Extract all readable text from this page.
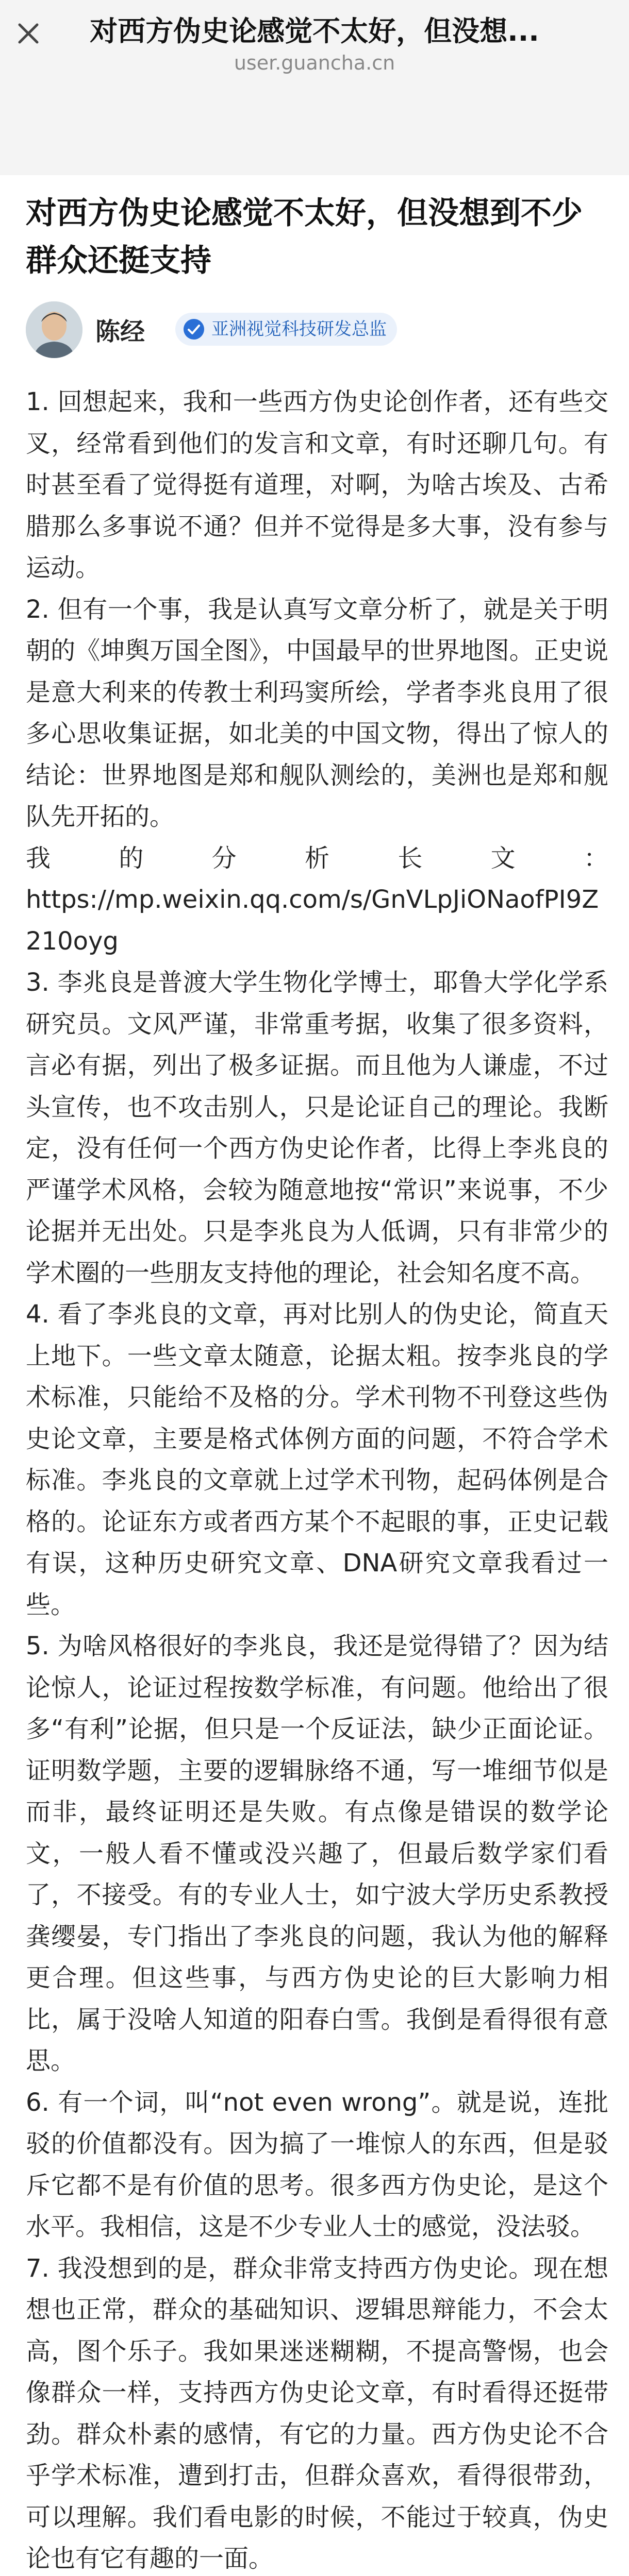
对西方伪史论感觉不太好，但没想...
user.guancha.cn
对西方伪史论感觉不太好，但没想到不少群众还挺支持
陈经	亚洲视觉科技研发总监

1. 回想起来，我和一些西方伪史论创作者，还有些交叉，经常看到他们的发言和文章，有时还聊几句。有时甚至看了觉得挺有道理，对啊，为啥古埃及、古希腊那么多事说不通？但并不觉得是多大事，没有参与运动。

2. 但有一个事，我是认真写文章分析了，就是关于明朝的《坤舆万国全图》，中国最早的世界地图。正史说是意大利来的传教士利玛窦所绘，学者李兆良用了很多心思收集证据，如北美的中国文物，得出了惊人的结论：世界地图是郑和舰队测绘的，美洲也是郑和舰队先开拓的。

我 的 分 析 长 文 ：

https://mp.weixin.qq.com/s/GnVLpJiONaofPI9Z210oyg

3. 李兆良是普渡大学生物化学博士，耶鲁大学化学系研究员。文风严谨，非常重考据，收集了很多资料，言必有据，列出了极多证据。而且他为人谦虚，不过头宣传，也不攻击别人，只是论证自己的理论。我断定，没有任何一个西方伪史论作者，比得上李兆良的严谨学术风格，会较为随意地按“常识”来说事，不少论据并无出处。只是李兆良为人低调，只有非常少的学术圈的一些朋友支持他的理论，社会知名度不高。

4. 看了李兆良的文章，再对比别人的伪史论，简直天上地下。一些文章太随意，论据太粗。按李兆良的学术标准，只能给不及格的分。学术刊物不刊登这些伪史论文章，主要是格式体例方面的问题，不符合学术标准。李兆良的文章就上过学术刊物，起码体例是合格的。论证东方或者西方某个不起眼的事，正史记载有误，这种历史研究文章、DNA研究文章我看过一些。

5. 为啥风格很好的李兆良，我还是觉得错了？因为结论惊人，论证过程按数学标准，有问题。他给出了很多“有利”论据，但只是一个反证法，缺少正面论证。证明数学题，主要的逻辑脉络不通，写一堆细节似是而非，最终证明还是失败。有点像是错误的数学论文，一般人看不懂或没兴趣了，但最后数学家们看了，不接受。有的专业人士，如宁波大学历史系教授龚缨晏，专门指出了李兆良的问题，我认为他的解释更合理。但这些事，与西方伪史论的巨大影响力相比，属于没啥人知道的阳春白雪。我倒是看得很有意思。

6. 有一个词，叫“not even wrong”。就是说，连批驳的价值都没有。因为搞了一堆惊人的东西，但是驳斥它都不是有价值的思考。很多西方伪史论，是这个水平。我相信，这是不少专业人士的感觉，没法驳。

7. 我没想到的是，群众非常支持西方伪史论。现在想想也正常，群众的基础知识、逻辑思辩能力，不会太高，图个乐子。我如果迷迷糊糊，不提高警惕，也会像群众一样，支持西方伪史论文章，有时看得还挺带劲。群众朴素的感情，有它的力量。西方伪史论不合乎学术标准，遭到打击，但群众喜欢，看得很带劲，可以理解。我们看电影的时候，不能过于较真，伪史论也有它有趣的一面。
